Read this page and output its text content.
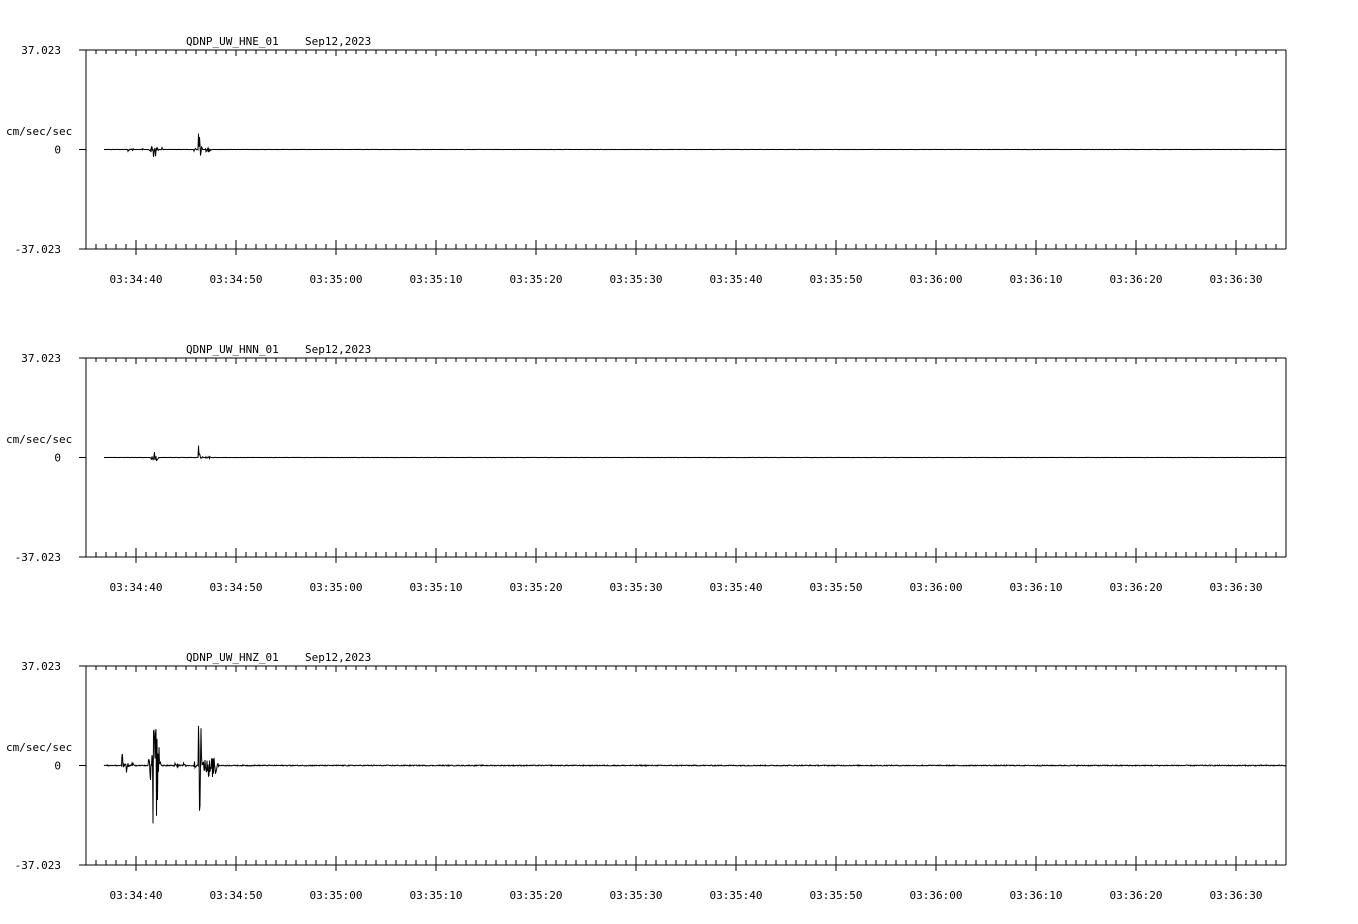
QDNP_UW_HNE_01 Sep12,2023
37.023
0
-37.023
cm/sec/sec
03:34:40	03:34:50	03:35:00	03:35:10	03:35:20	03:35:30	03:35:40	03:35:50	03:36:00	03:36:10	03:36:20	03:36:30
QDNP_UW_HNN_01 Sep12,2023
37.023
0
-37.023
cm/sec/sec
03:34:40	03:34:50	03:35:00	03:35:10	03:35:20	03:35:30	03:35:40	03:35:50	03:36:00	03:36:10	03:36:20	03:36:30
QDNP_UW_HNZ_01 Sep12,2023
37.023
0
-37.023
cm/sec/sec
03:34:40	03:34:50	03:35:00	03:35:10	03:35:20	03:35:30	03:35:40	03:35:50	03:36:00	03:36:10	03:36:20	03:36:30
